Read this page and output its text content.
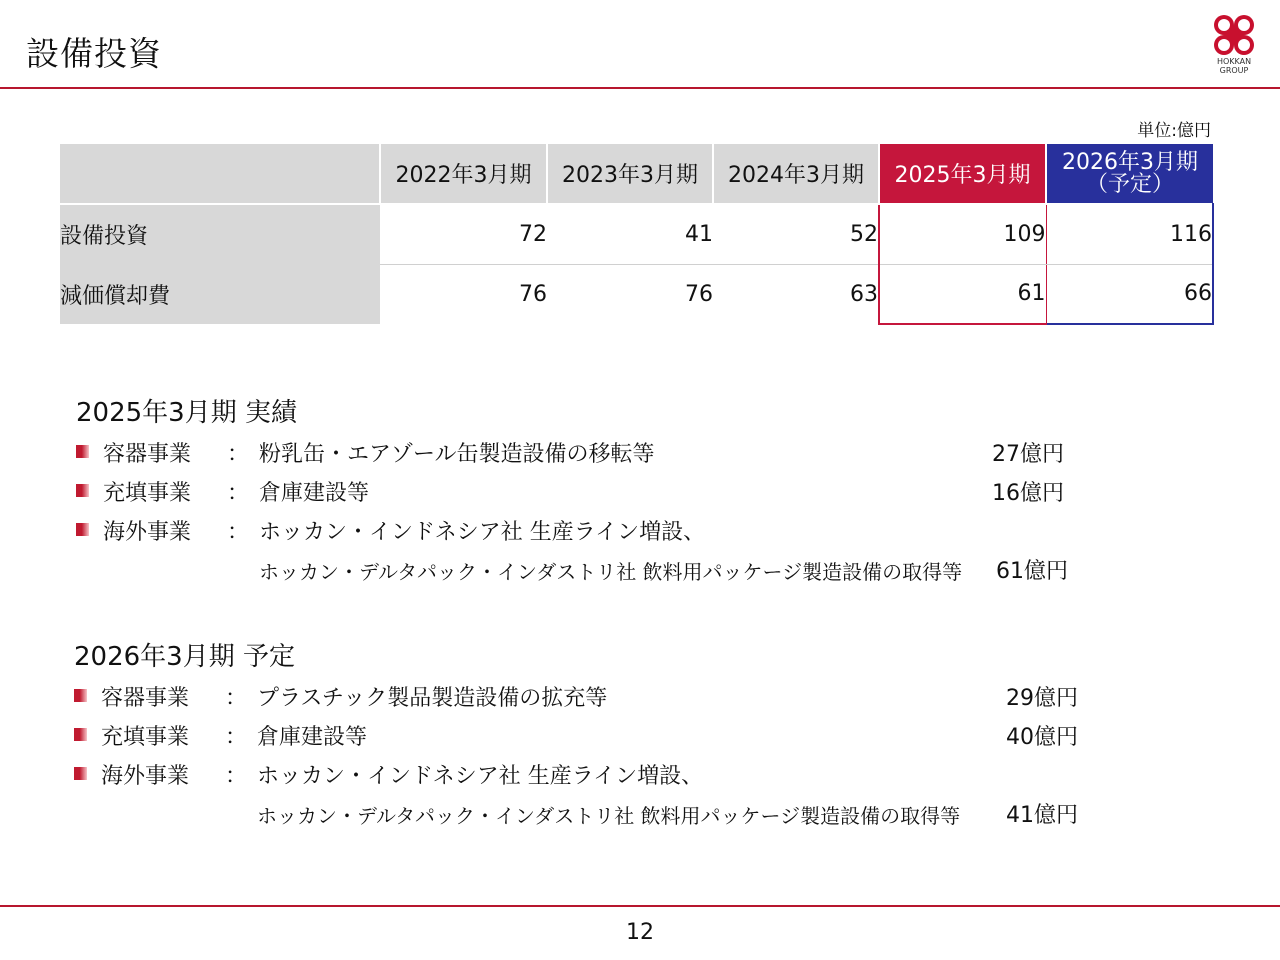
設備投資	HOKKAN
GROUP
単位:億円
	2022年3月期	2023年3月期	2024年3月期	2025年3月期	2026年3月期
（予定）

設備投資	72	41	52	109	116
減価償却費	76	76	63	61	66
2025年3月期 実績
容器事業 ： 粉乳缶・エアゾール缶製造設備の移転等	27億円
充填事業 ： 倉庫建設等	16億円
海外事業 ： ホッカン・インドネシア社 生産ライン増設、
ホッカン・デルタパック・インダストリ社 飲料用パッケージ製造設備の取得等 61億円
2026年3月期 予定
容器事業 ： プラスチック製品製造設備の拡充等	29億円
充填事業 ： 倉庫建設等	40億円
海外事業 ： ホッカン・インドネシア社 生産ライン増設、
ホッカン・デルタパック・インダストリ社 飲料用パッケージ製造設備の取得等 41億円
12
